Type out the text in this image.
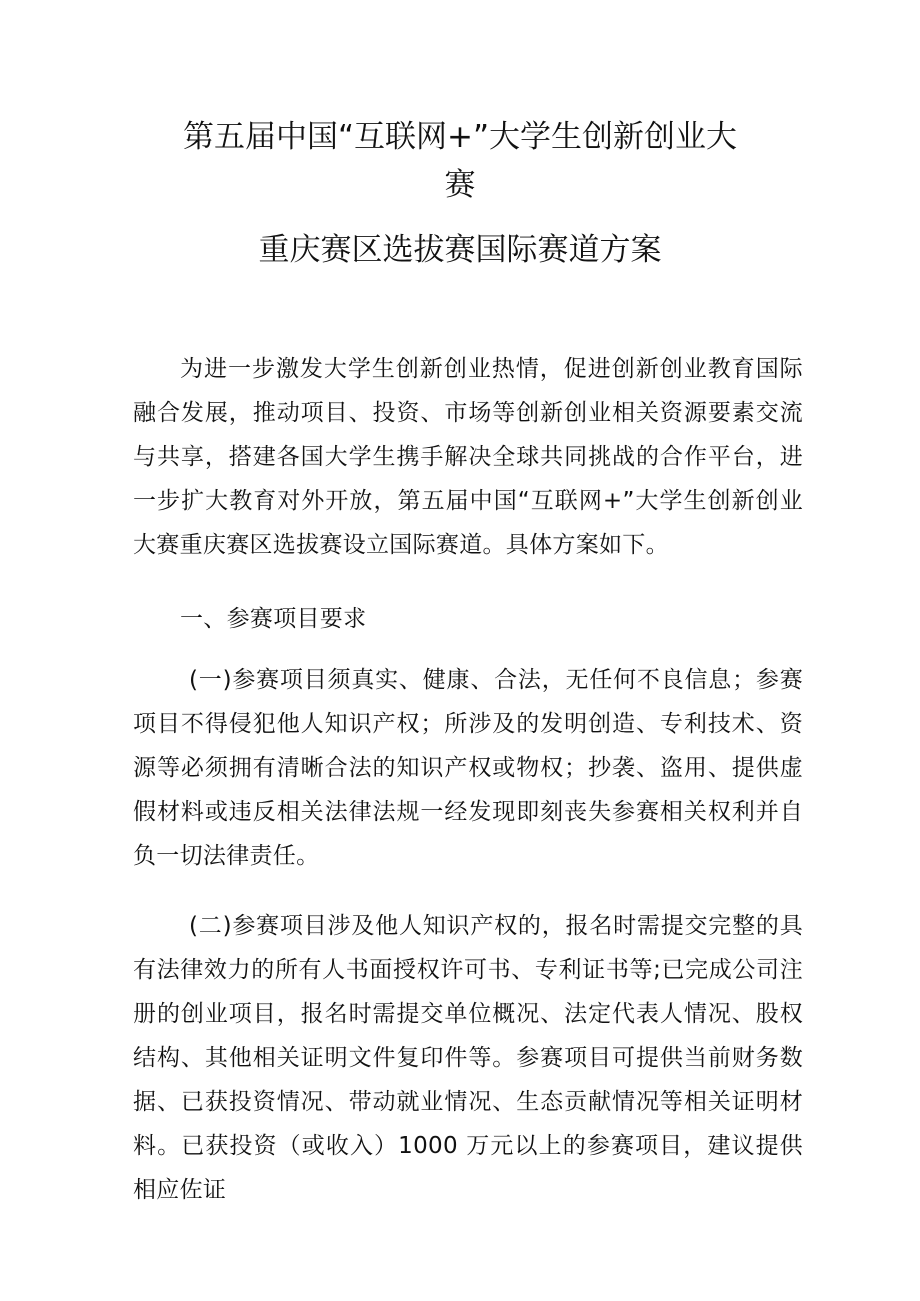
第五届中国“互联网+”大学生创新创业大
赛
重庆赛区选拔赛国际赛道方案

为进一步激发大学生创新创业热情，促进创新创业教育国际融合发展，推动项目、投资、市场等创新创业相关资源要素交流与共享，搭建各国大学生携手解决全球共同挑战的合作平台，进一步扩大教育对外开放，第五届中国“互联网+”大学生创新创业大赛重庆赛区选拔赛设立国际赛道。具体方案如下。

一、参赛项目要求

(一)参赛项目须真实、健康、合法，无任何不良信息；参赛项目不得侵犯他人知识产权；所涉及的发明创造、专利技术、资源等必须拥有清晰合法的知识产权或物权；抄袭、盗用、提供虚假材料或违反相关法律法规一经发现即刻丧失参赛相关权利并自负一切法律责任。

(二)参赛项目涉及他人知识产权的，报名时需提交完整的具有法律效力的所有人书面授权许可书、专利证书等;已完成公司注册的创业项目，报名时需提交单位概况、法定代表人情况、股权结构、其他相关证明文件复印件等。参赛项目可提供当前财务数据、已获投资情况、带动就业情况、生态贡献情况等相关证明材料。已获投资（或收入）1000 万元以上的参赛项目，建议提供相应佐证
